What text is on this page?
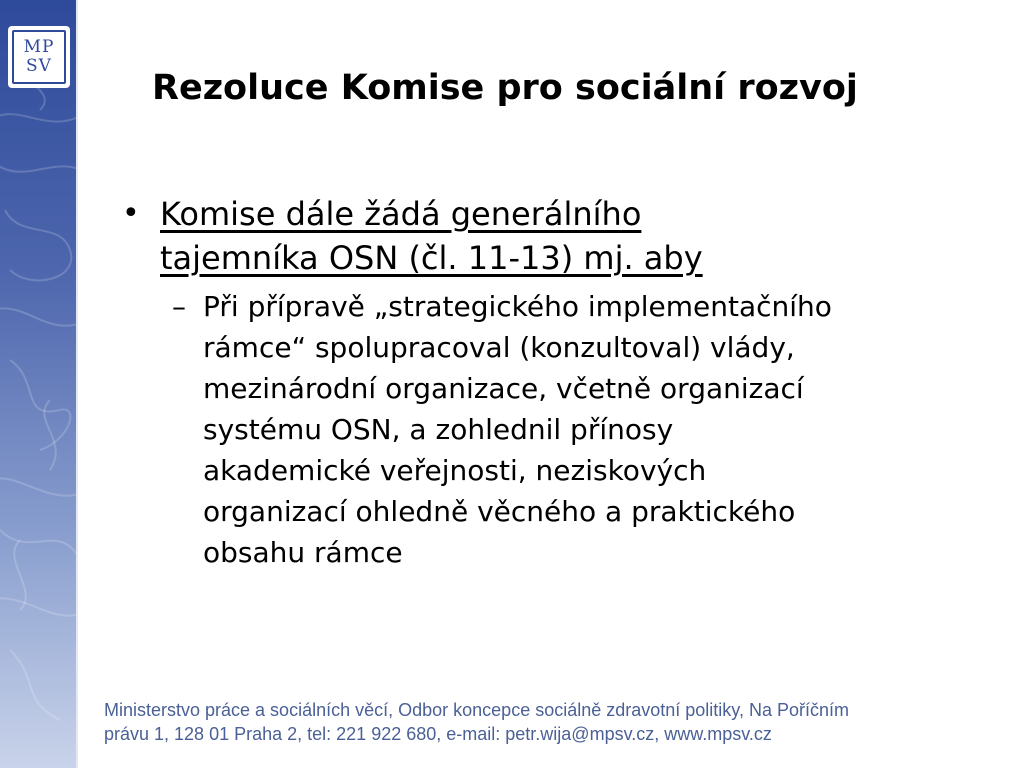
MP
SV
Rezoluce Komise pro sociální rozvoj
• Komise dále žádá generálního
tajemníka OSN (čl. 11-13) mj. aby
– Při přípravě „strategického implementačního
rámce“ spolupracoval (konzultoval) vlády,
mezinárodní organizace, včetně organizací
systému OSN, a zohlednil přínosy
akademické veřejnosti, neziskových
organizací ohledně věcného a praktického
obsahu rámce
Ministerstvo práce a sociálních věcí, Odbor koncepce sociálně zdravotní politiky, Na Poříčním
právu 1, 128 01 Praha 2, tel: 221 922 680, e-mail: petr.wija@mpsv.cz, www.mpsv.cz
